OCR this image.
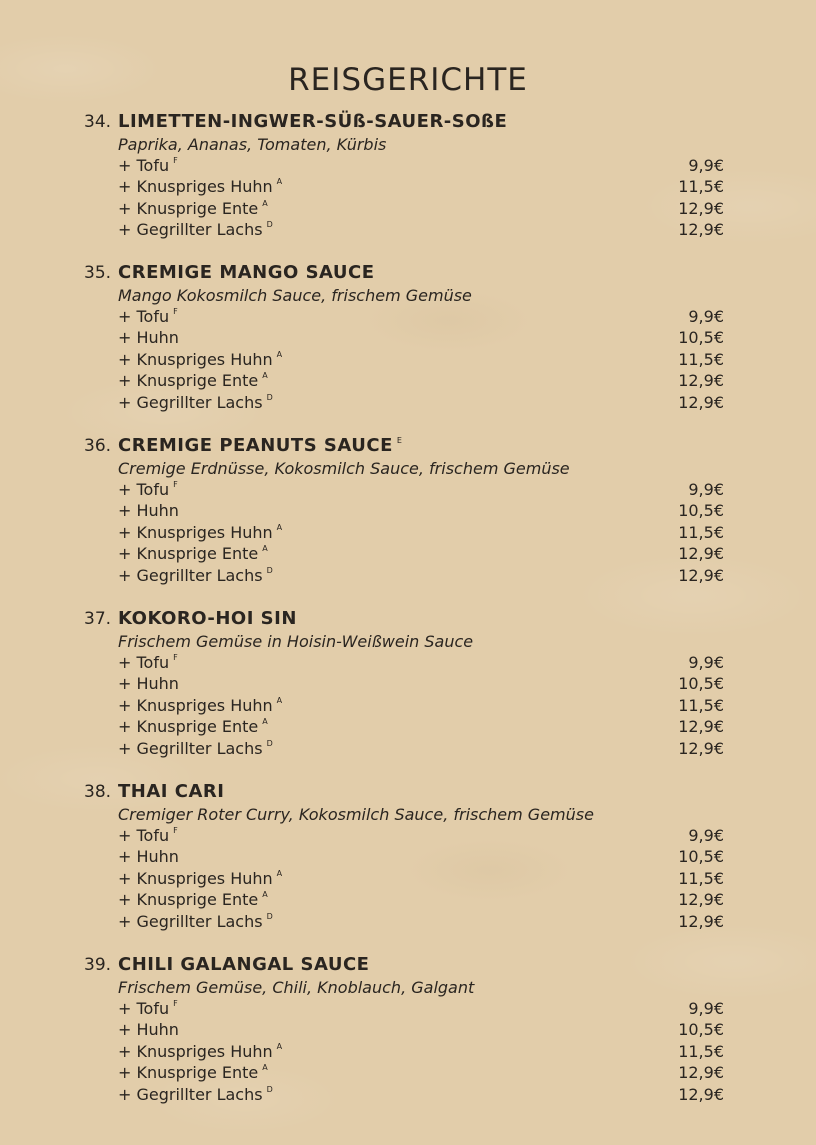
REISGERICHTE
34. LIMETTEN-INGWER-SÜß-SAUER-SOßE

Paprika, Ananas, Tomaten, Kürbis

+ Tofu $^F$	9,9€
+ Knuspriges Huhn $^A$	11,5€
+ Knusprige Ente $^A$	12,9€
+ Gegrillter Lachs $^D$	12,9€
35. CREMIGE MANGO SAUCE

Mango Kokosmilch Sauce, frischem Gemüse

+ Tofu $^F$	9,9€
+ Huhn	10,5€
+ Knuspriges Huhn $^A$	11,5€
+ Knusprige Ente $^A$	12,9€
+ Gegrillter Lachs $^D$	12,9€
36. CREMIGE PEANUTS SAUCE $^E$

Cremige Erdnüsse, Kokosmilch Sauce, frischem Gemüse

+ Tofu $^F$	9,9€
+ Huhn	10,5€
+ Knuspriges Huhn $^A$	11,5€
+ Knusprige Ente $^A$	12,9€
+ Gegrillter Lachs $^D$	12,9€
37. KOKORO-HOI SIN

Frischem Gemüse in Hoisin-Weißwein Sauce

+ Tofu $^F$	9,9€
+ Huhn	10,5€
+ Knuspriges Huhn $^A$	11,5€
+ Knusprige Ente $^A$	12,9€
+ Gegrillter Lachs $^D$	12,9€
38. THAI CARI

Cremiger Roter Curry, Kokosmilch Sauce, frischem Gemüse

+ Tofu $^F$	9,9€
+ Huhn	10,5€
+ Knuspriges Huhn $^A$	11,5€
+ Knusprige Ente $^A$	12,9€
+ Gegrillter Lachs $^D$	12,9€
39. CHILI GALANGAL SAUCE

Frischem Gemüse, Chili, Knoblauch, Galgant

+ Tofu $^F$	9,9€
+ Huhn	10,5€
+ Knuspriges Huhn $^A$	11,5€
+ Knusprige Ente $^A$	12,9€
+ Gegrillter Lachs $^D$	12,9€
